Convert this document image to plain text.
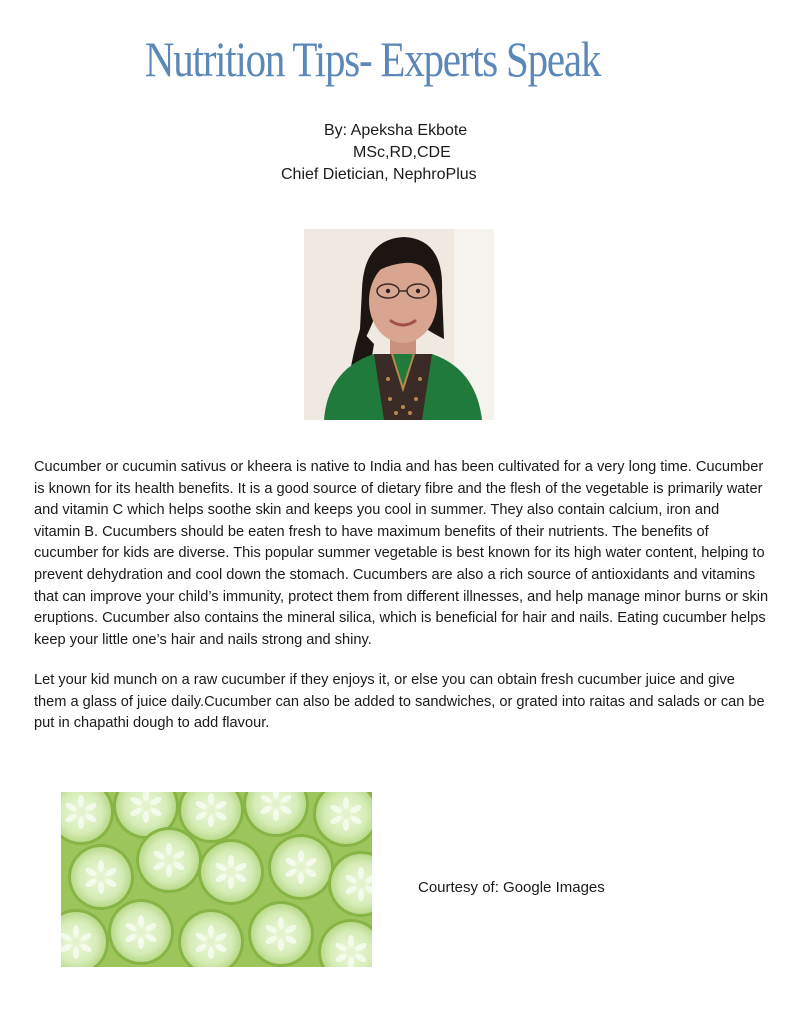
Nutrition Tips- Experts Speak
By: Apeksha Ekbote
MSc,RD,CDE
Chief Dietician, NephroPlus

Cucumber or cucumin sativus or kheera is native to India and has been cultivated for a very long time. Cucumber is known for its health benefits. It is a good source of dietary fibre and the flesh of the vegetable is primarily water and vitamin C which helps soothe skin and keeps you cool in summer. They also contain calcium, iron and vitamin B. Cucumbers should be eaten fresh to have maximum benefits of their nutrients. The benefits of cucumber for kids are diverse. This popular summer vegetable is best known for its high water content, helping to prevent dehydration and cool down the stomach. Cucumbers are also a rich source of antioxidants and vitamins that can improve your child’s immunity, protect them from different illnesses, and help manage minor burns or skin eruptions. Cucumber also contains the mineral silica, which is beneficial for hair and nails. Eating cucumber helps keep your little one’s hair and nails strong and shiny.

Let your kid munch on a raw cucumber if they enjoys it, or else you can obtain fresh cucumber juice and give them a glass of juice daily.Cucumber can also be added to sandwiches, or grated into raitas and salads or can be put in chapathi dough to add flavour.

Courtesy of: Google Images
